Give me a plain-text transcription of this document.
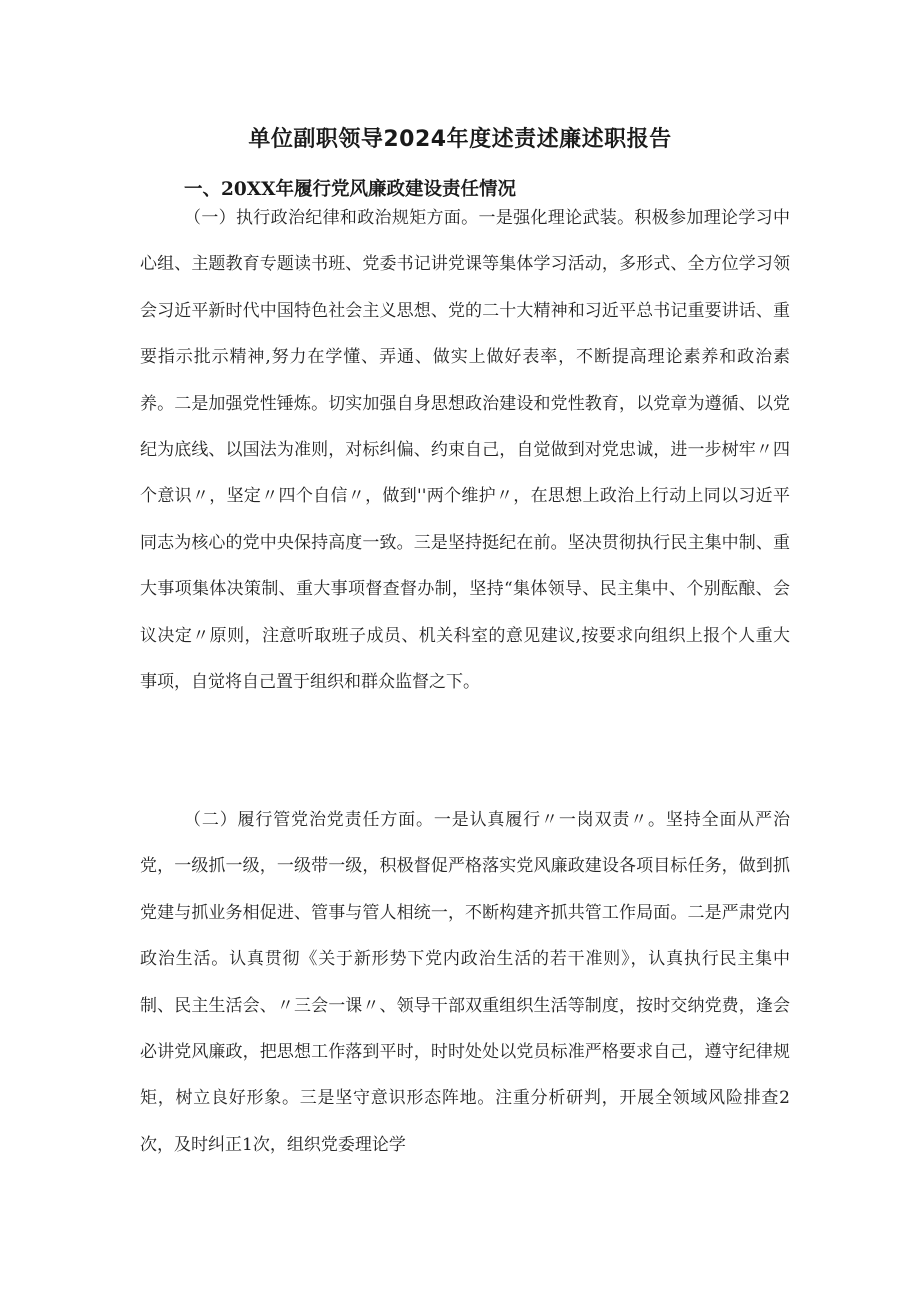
单位副职领导2024年度述责述廉述职报告
一、20XX年履行党风廉政建设责任情况

（一）执行政治纪律和政治规矩方面。一是强化理论武装。积极参加理论学习中心组、主题教育专题读书班、党委书记讲党课等集体学习活动，多形式、全方位学习领会习近平新时代中国特色社会主义思想、党的二十大精神和习近平总书记重要讲话、重要指示批示精神,努力在学懂、弄通、做实上做好表率，不断提高理论素养和政治素养。二是加强党性锤炼。切实加强自身思想政治建设和党性教育，以党章为遵循、以党纪为底线、以国法为准则，对标纠偏、约束自己，自觉做到对党忠诚，进一步树牢〃四个意识〃，坚定〃四个自信〃，做到''两个维护〃，在思想上政治上行动上同以习近平同志为核心的党中央保持高度一致。三是坚持挺纪在前。坚决贯彻执行民主集中制、重大事项集体决策制、重大事项督查督办制，坚持“集体领导、民主集中、个别酝酿、会议决定〃原则，注意听取班子成员、机关科室的意见建议,按要求向组织上报个人重大事项，自觉将自己置于组织和群众监督之下。

（二）履行管党治党责任方面。一是认真履行〃一岗双责〃。坚持全面从严治党，一级抓一级，一级带一级，积极督促严格落实党风廉政建设各项目标任务，做到抓党建与抓业务相促进、管事与管人相统一，不断构建齐抓共管工作局面。二是严肃党内政治生活。认真贯彻《关于新形势下党内政治生活的若干准则》，认真执行民主集中制、民主生活会、〃三会一课〃、领导干部双重组织生活等制度，按时交纳党费，逢会必讲党风廉政，把思想工作落到平时，时时处处以党员标准严格要求自己，遵守纪律规矩，树立良好形象。三是坚守意识形态阵地。注重分析研判，开展全领域风险排查2次，及时纠正1次，组织党委理论学
